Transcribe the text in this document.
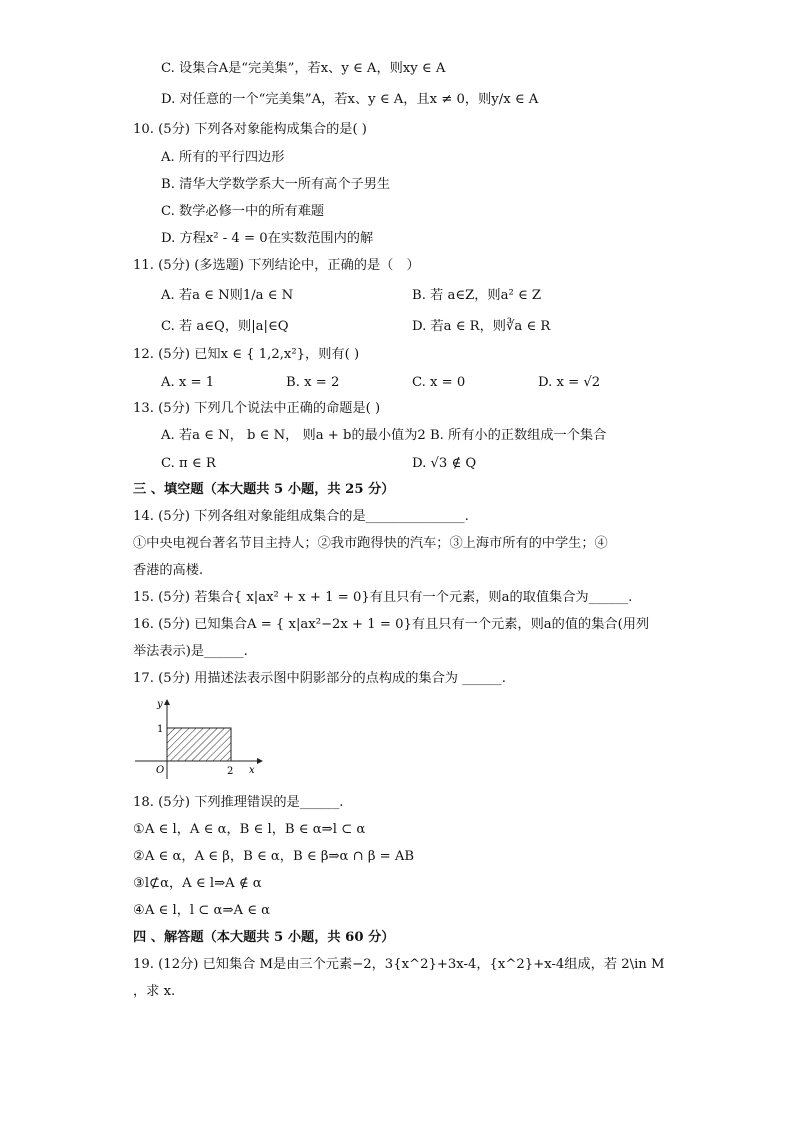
C. 设集合A是“完美集”，若x、y ∈ A，则xy ∈ A
D. 对任意的一个“完美集”A，若x、y ∈ A，且x ≠ 0，则y/x ∈ A
10. (5分) 下列各对象能构成集合的是( )
A. 所有的平行四边形
B. 清华大学数学系大一所有高个子男生
C. 数学必修一中的所有难题
D. 方程x² - 4 = 0在实数范围内的解
11. (5分) (多选题) 下列结论中，正确的是（　）
A. 若a ∈ N则1/a ∈ N	B. 若 a∈Z，则a² ∈ Z
C. 若 a∈Q，则|a|∈Q	D. 若a ∈ R，则∛a ∈ R
12. (5分) 已知x ∈ { 1,2,x²}，则有( )
A. x = 1	B. x = 2	C. x = 0	D. x = √2
13. (5分) 下列几个说法中正确的命题是( )
A. 若a ∈ N， b ∈ N， 则a + b的最小值为2 B. 所有小的正数组成一个集合
C. π ∈ R	D. √3 ∉ Q
三 、填空题（本大题共 5 小题，共 25 分）
14. (5分) 下列各组对象能组成集合的是_______________.
①中央电视台著名节目主持人；②我市跑得快的汽车；③上海市所有的中学生；④
香港的高楼.
15. (5分) 若集合{ x|ax² + x + 1 = 0}有且只有一个元素，则a的取值集合为______.
16. (5分) 已知集合A = { x|ax²−2x + 1 = 0}有且只有一个元素，则a的值的集合(用列
举法表示)是______.
17. (5分) 用描述法表示图中阴影部分的点构成的集合为 ______.
y
1
O	2 x
18. (5分) 下列推理错误的是______.
①A ∈ l，A ∈ α，B ∈ l，B ∈ α⇒l ⊂ α
②A ∈ α，A ∈ β，B ∈ α，B ∈ β⇒α ∩ β = AB
③l⊄α，A ∈ l⇒A ∉ α
④A ∈ l，l ⊂ α⇒A ∈ α
四 、解答题（本大题共 5 小题，共 60 分）
19. (12分) 已知集合 M是由三个元素−2，3{x^2}+3x-4，{x^2}+x-4组成，若 2\in M
，求 x.
